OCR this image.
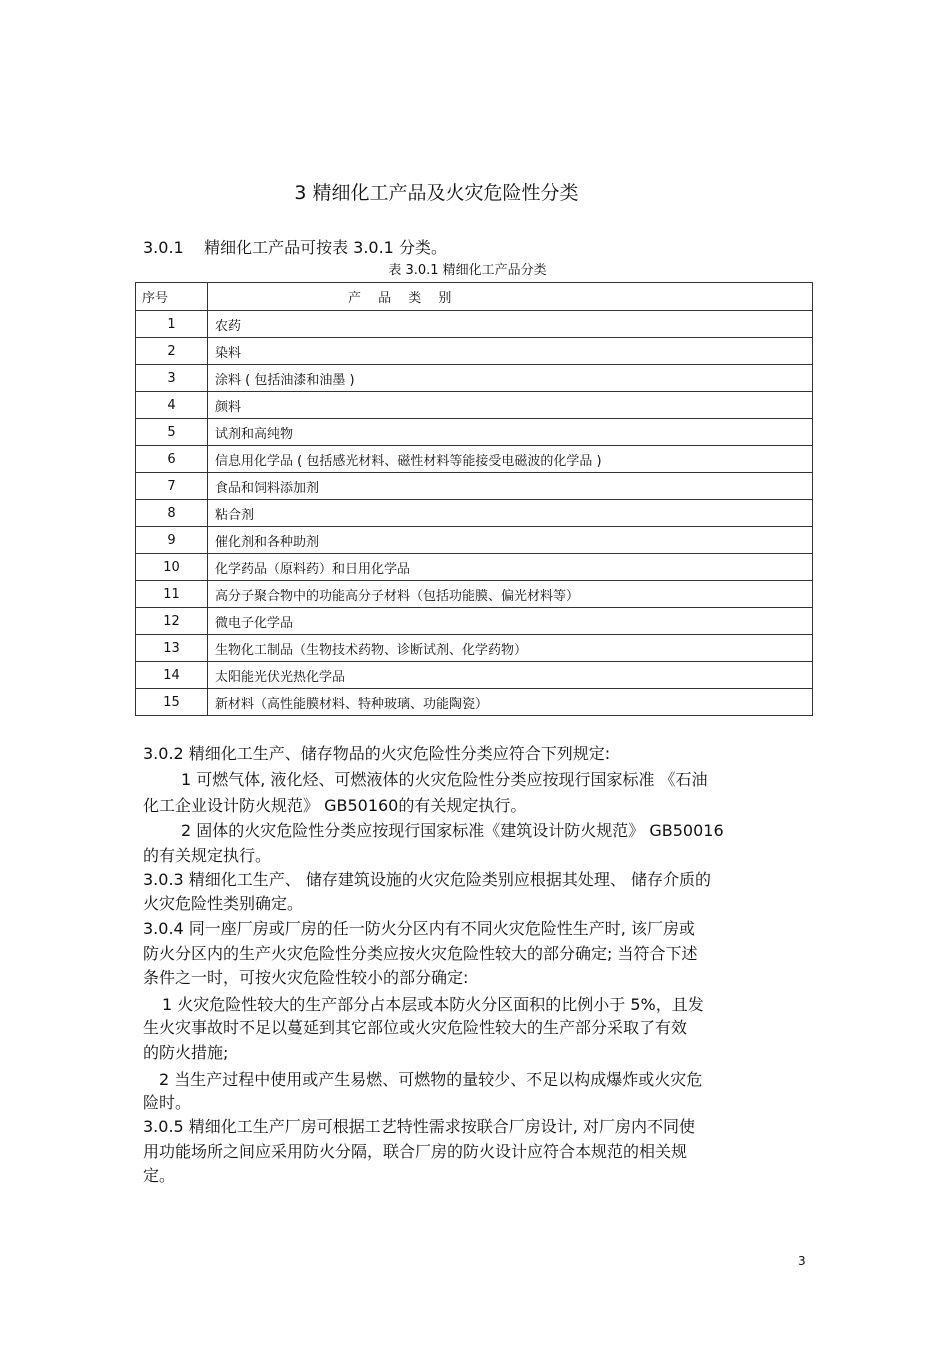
3 精细化工产品及火灾危险性分类
3.0.1 精细化工产品可按表 3.0.1 分类。
表 3.0.1 精细化工产品分类
序号	产 品 类 别
1	农药
2	染料
3	涂料 ( 包括油漆和油墨 )
4	颜料
5	试剂和高纯物
6	信息用化学品 ( 包括感光材料、磁性材料等能接受电磁波的化学品 )
7	食品和饲料添加剂
8	粘合剂
9	催化剂和各种助剂
10	化学药品（原料药）和日用化学品
11	高分子聚合物中的功能高分子材料（包括功能膜、偏光材料等）
12	微电子化学品
13	生物化工制品（生物技术药物、诊断试剂、化学药物）
14	太阳能光伏光热化学品
15	新材料（高性能膜材料、特种玻璃、功能陶瓷）
3.0.2 精细化工生产、储存物品的火灾危险性分类应符合下列规定:
1 可燃气体, 液化烃、可燃液体的火灾危险性分类应按现行国家标准 《石油
化工企业设计防火规范》 GB50160的有关规定执行。
2 固体的火灾危险性分类应按现行国家标准《建筑设计防火规范》 GB50016
的有关规定执行。
3.0.3 精细化工生产、 储存建筑设施的火灾危险类别应根据其处理、 储存介质的
火灾危险性类别确定。
3.0.4 同一座厂房或厂房的任一防火分区内有不同火灾危险性生产时, 该厂房或
防火分区内的生产火灾危险性分类应按火灾危险性较大的部分确定; 当符合下述
条件之一时，可按火灾危险性较小的部分确定:
1 火灾危险性较大的生产部分占本层或本防火分区面积的比例小于 5%，且发
生火灾事故时不足以蔓延到其它部位或火灾危险性较大的生产部分采取了有效
的防火措施;
2 当生产过程中使用或产生易燃、可燃物的量较少、不足以构成爆炸或火灾危
险时。
3.0.5 精细化工生产厂房可根据工艺特性需求按联合厂房设计, 对厂房内不同使
用功能场所之间应采用防火分隔，联合厂房的防火设计应符合本规范的相关规
定。
3
